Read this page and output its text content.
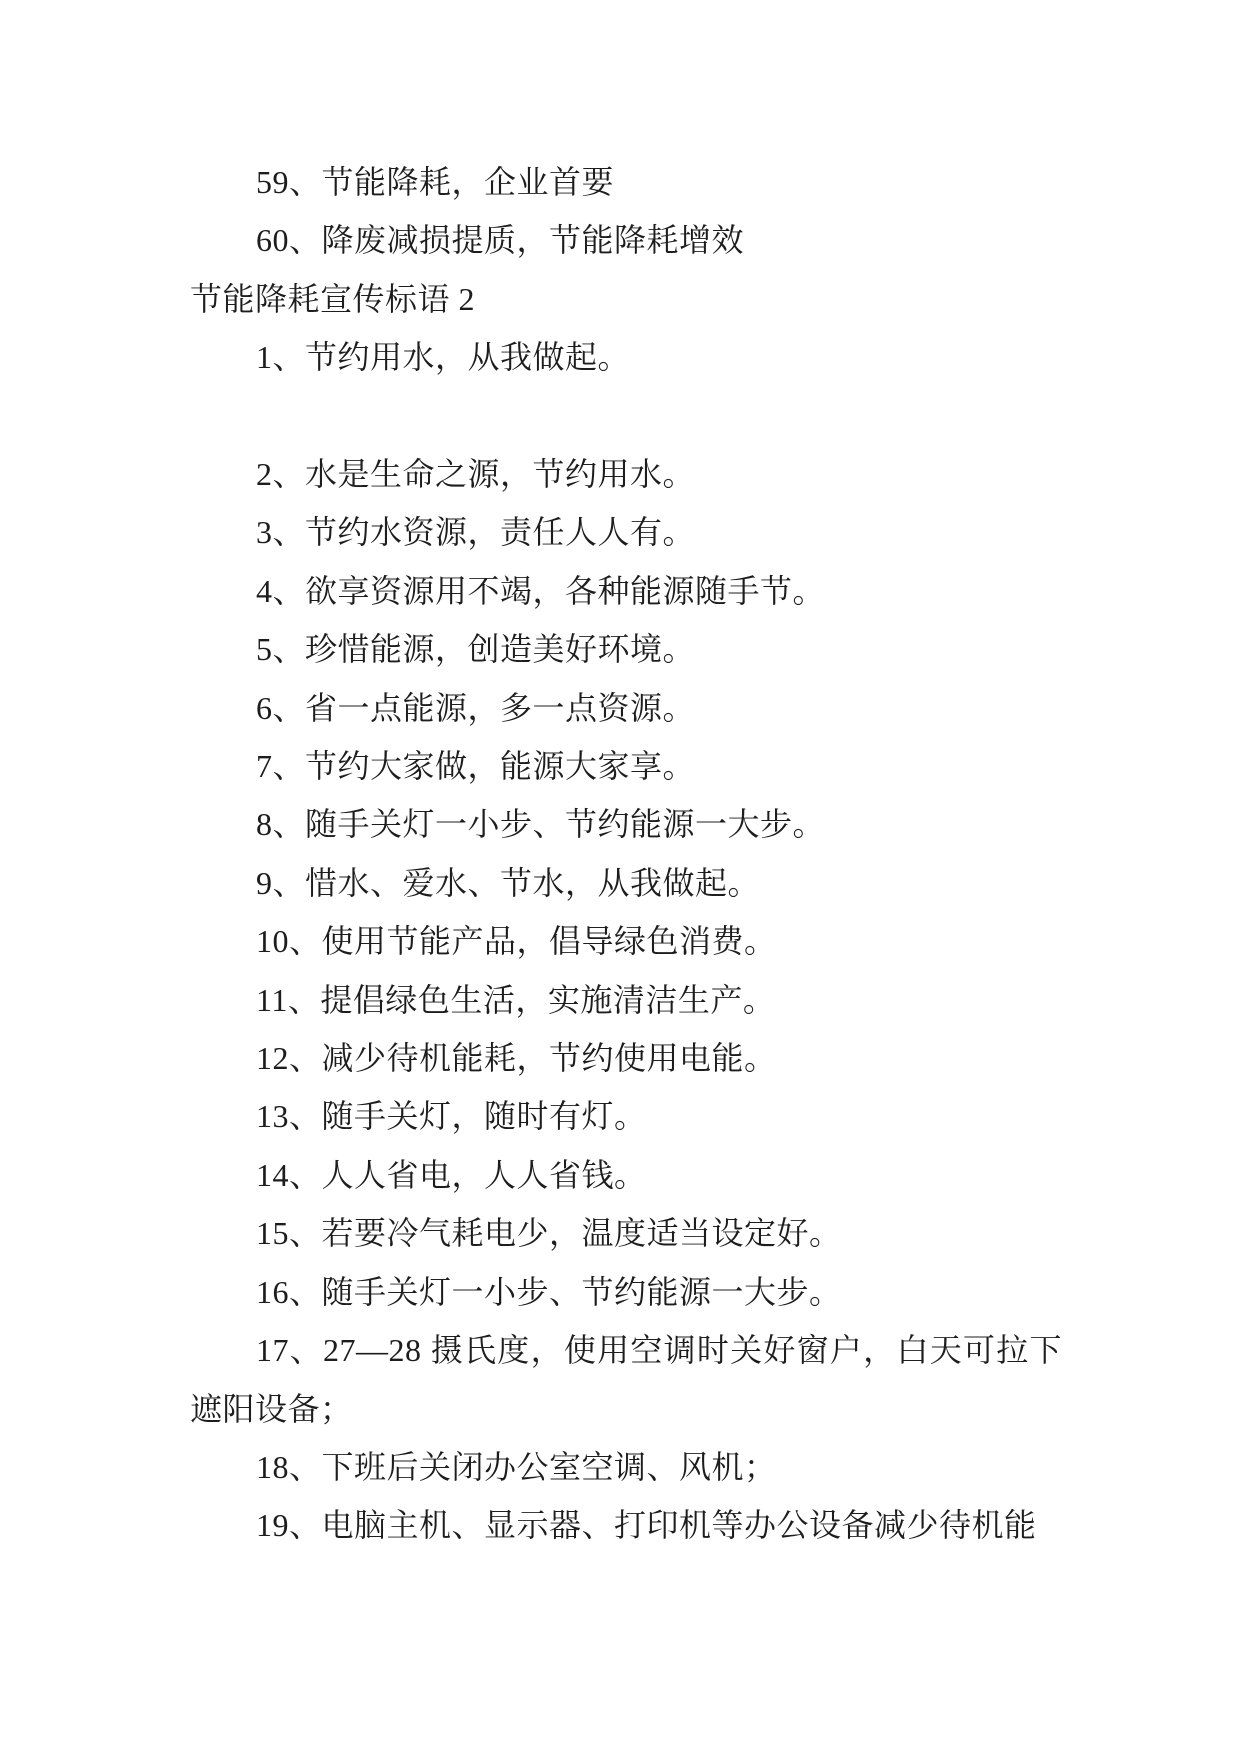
59、节能降耗，企业首要

60、降废减损提质，节能降耗增效

节能降耗宣传标语 2

1、节约用水，从我做起。

2、水是生命之源，节约用水。

3、节约水资源，责任人人有。

4、欲享资源用不竭，各种能源随手节。

5、珍惜能源，创造美好环境。

6、省一点能源，多一点资源。

7、节约大家做，能源大家享。

8、随手关灯一小步、节约能源一大步。

9、惜水、爱水、节水，从我做起。

10、使用节能产品，倡导绿色消费。

11、提倡绿色生活，实施清洁生产。

12、减少待机能耗，节约使用电能。

13、随手关灯，随时有灯。

14、人人省电，人人省钱。

15、若要冷气耗电少，温度适当设定好。

16、随手关灯一小步、节约能源一大步。

17、27—28 摄氏度，使用空调时关好窗户，白天可拉下遮阳设备；

18、下班后关闭办公室空调、风机；

19、电脑主机、显示器、打印机等办公设备减少待机能
